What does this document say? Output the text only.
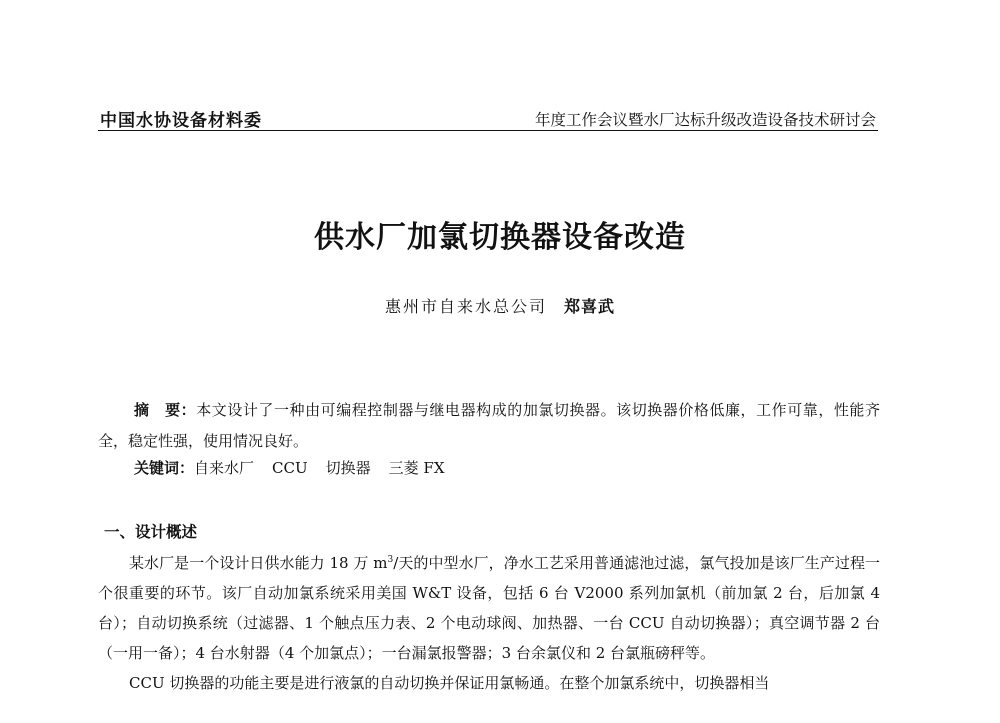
中国水协设备材料委	年度工作会议暨水厂达标升级改造设备技术研讨会
供水厂加氯切换器设备改造
惠州市自来水总公司 郑喜武
摘　要：本文设计了一种由可编程控制器与继电器构成的加氯切换器。该切换器价格低廉，工作可靠，性能齐全，稳定性强，使用情况良好。
关键词：自来水厂 CCU 切换器 三菱 FX
一、设计概述

某水厂是一个设计日供水能力 18 万 $m^3/$天的中型水厂，净水工艺采用普通滤池过滤，氯气投加是该厂生产过程一个很重要的环节。该厂自动加氯系统采用美国 W&T 设备，包括 6 台 V2000 系列加氯机（前加氯 2 台，后加氯 4 台）；自动切换系统（过滤器、1 个触点压力表、2 个电动球阀、加热器、一台 CCU 自动切换器）；真空调节器 2 台（一用一备）；4 台水射器（4 个加氯点）；一台漏氯报警器；3 台余氯仪和 2 台氯瓶磅秤等。

CCU 切换器的功能主要是进行液氯的自动切换并保证用氯畅通。在整个加氯系统中，切换器相当
